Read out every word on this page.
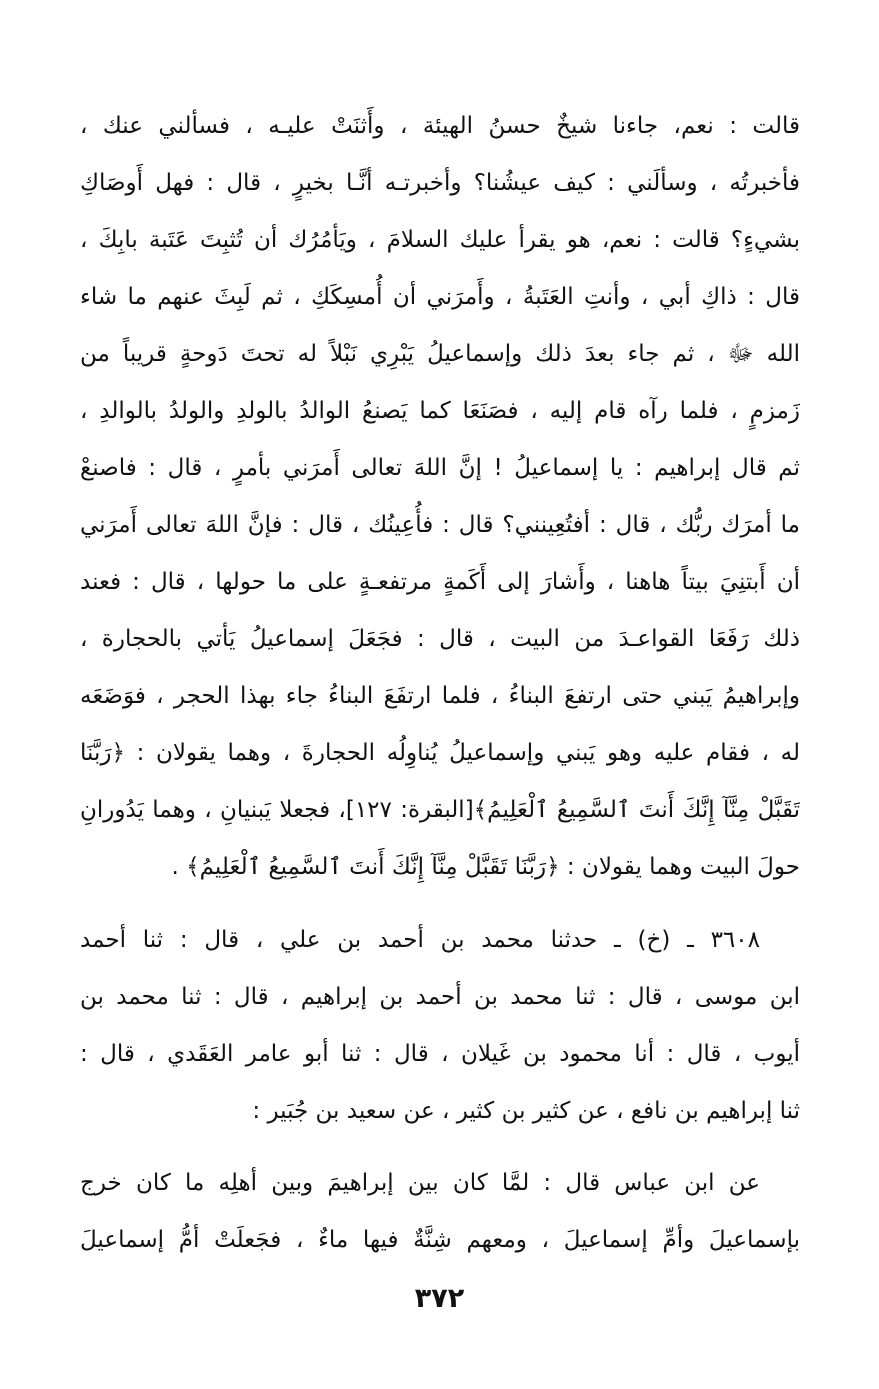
قالت : نعم، جاءنا شيخٌ حسنُ الهيئة ، وأَثنَتْ عليـه ، فسألني عنك ،
فأخبرتُه ، وسألَني : كيف عيشُنا؟ وأخبرتـه أنَّـا بخيرٍ ، قال : فهل أَوصَاكِ
بشيءٍ؟ قالت : نعم، هو يقرأ عليك السلامَ ، ويَأمُرُك أن تُثبِتَ عَتَبة بابِكَ ،
قال : ذاكِ أبي ، وأنتِ العَتَبةُ ، وأَمرَني أن أُمسِكَكِ ، ثم لَبِثَ عنهم ما شاء
الله ﷻ ، ثم جاء بعدَ ذلك وإسماعيلُ يَبْرِي نَبْلاً له تحتَ دَوحةٍ قريباً من
زَمزمٍ ، فلما رآه قام إليه ، فصَنَعَا كما يَصنعُ الوالدُ بالولدِ والولدُ بالوالدِ ،
ثم قال إبراهيم : يا إسماعيلُ ! إنَّ اللهَ تعالى أَمرَني بأمرٍ ، قال : فاصنعْ
ما أمرَك ربُّك ، قال : أفتُعِينني؟ قال : فأُعِينُك ، قال : فإنَّ اللهَ تعالى أَمرَني
أن أَبتنِيَ بيتاً هاهنا ، وأَشارَ إلى أَكَمةٍ مرتفعـةٍ على ما حولها ، قال : فعند
ذلك رَفَعَا القواعـدَ من البيت ، قال : فجَعَلَ إسماعيلُ يَأتي بالحجارة ،
وإبراهيمُ يَبني حتى ارتفعَ البناءُ ، فلما ارتفَعَ البناءُ جاء بهذا الحجر ، فوَضَعَه
له ، فقام عليه وهو يَبني وإسماعيلُ يُناوِلُه الحجارةَ ، وهما يقولان : ﴿رَبَّنَا
تَقَبَّلْ مِنَّآ إِنَّكَ أَنتَ ٱلسَّمِيعُ ٱلْعَلِيمُ﴾[البقرة: ١٢٧]، فجعلا يَبنيانِ ، وهما يَدُورانِ
حولَ البيت وهما يقولان : ﴿رَبَّنَا تَقَبَّلْ مِنَّآ إِنَّكَ أَنتَ ٱلسَّمِيعُ ٱلْعَلِيمُ﴾ .
٣٦٠٨ ـ (خ) ـ حدثنا محمد بن أحمد بن علي ، قال : ثنا أحمد
ابن موسى ، قال : ثنا محمد بن أحمد بن إبراهيم ، قال : ثنا محمد بن
أيوب ، قال : أنا محمود بن غَيلان ، قال : ثنا أبو عامر العَقَدي ، قال :
ثنا إبراهيم بن نافع ، عن كثير بن كثير ، عن سعيد بن جُبَير :
عن ابن عباس قال : لمَّا كان بين إبراهيمَ وبين أهلِه ما كان خرج
بإسماعيلَ وأمِّ إسماعيلَ ، ومعهم شِنَّةٌ فيها ماءٌ ، فجَعلَتْ أمُّ إسماعيلَ
٣٧٢
